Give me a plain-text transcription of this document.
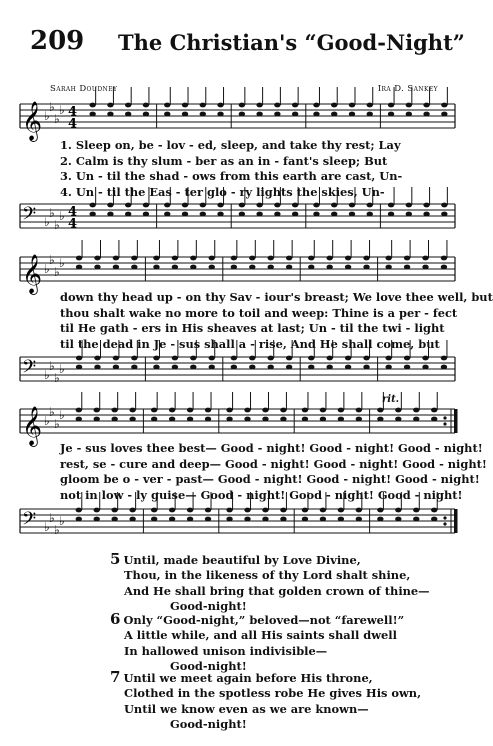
209 The Christian's “Good-Night”
Sarah Doudney	Ira D. Sankey
𝄞 ♭
♭
♭
♭ 4
4
1. Sleep on, be - lov - ed, sleep, and take thy rest; Lay
2. Calm is thy slum - ber as an in - fant's sleep; But
3. Un - til the shad - ows from this earth are cast, Un-
4. Un - til the Eas - ter glo - ry lights the skies, Un-
𝄢 ♭
♭
♭
♭ 4
4
𝄞 ♭
♭
♭
♭
down thy head up - on thy Sav - iour's breast; We love thee well, but
thou shalt wake no more to toil and weep: Thine is a per - fect
til He gath - ers in His sheaves at last; Un - til the twi - light
til the dead in Je - sus shall a - rise, And He shall come, but
𝄢 ♭
♭
♭
♭
rit.
𝄞 ♭
♭
♭
♭
Je - sus loves thee best— Good - night! Good - night! Good - night!
rest, se - cure and deep— Good - night! Good - night! Good - night!
gloom be o - ver - past— Good - night! Good - night! Good - night!
not in low - ly guise— Good - night! Good - night! Good - night!
𝄢 ♭
♭
♭
♭
5 Until, made beautiful by Love Divine,
Thou, in the likeness of thy Lord shalt shine,
And He shall bring that golden crown of thine—
Good-night!
6 Only “Good-night,” beloved—not “farewell!”
A little while, and all His saints shall dwell
In hallowed unison indivisible—
Good-night!
7 Until we meet again before His throne,
Clothed in the spotless robe He gives His own,
Until we know even as we are known—
Good-night!
